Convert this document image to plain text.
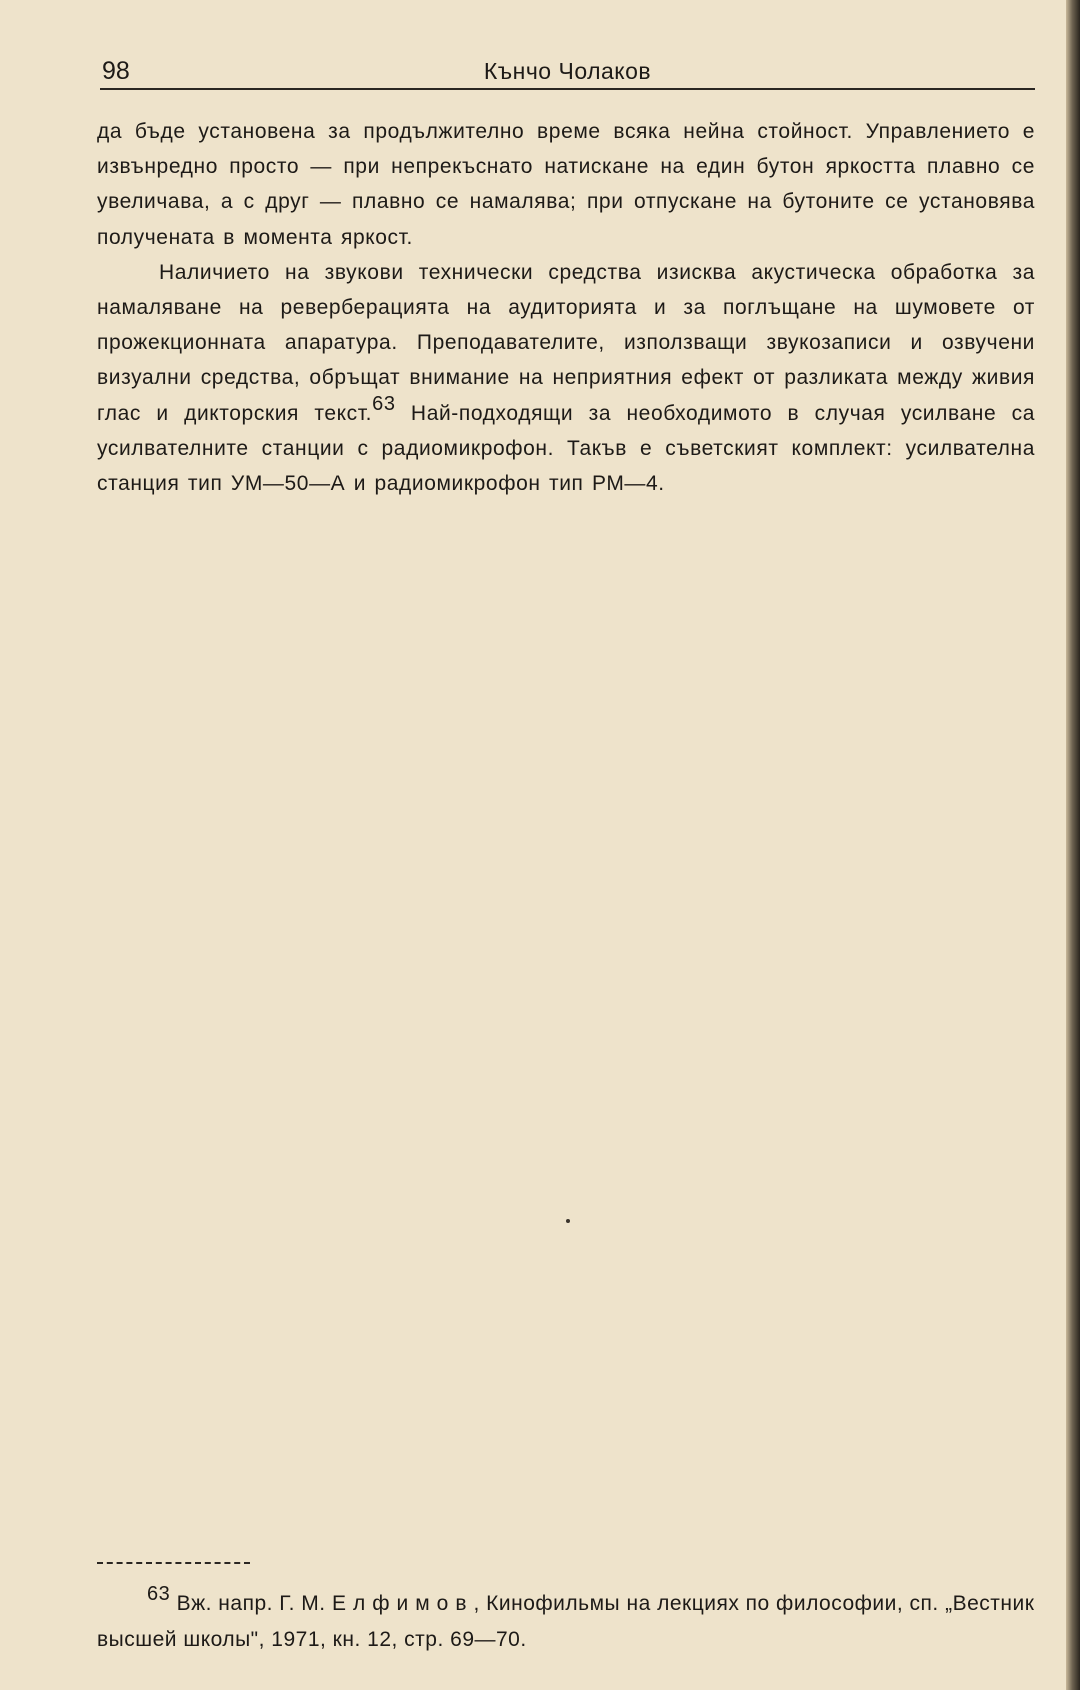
98	Кънчо Чолаков

да бъде установена за продължително време всяка нейна стойност. Управлението е извънредно просто — при непрекъснато натискане на един бутон яркостта плавно се увеличава, а с друг — плавно се намалява; при отпускане на бутоните се установява получената в момента яркост.

Наличието на звукови технически средства изисква акустическа обработка за намаляване на реверберацията на аудиторията и за поглъщане на шумовете от прожекционната апаратура. Преподавателите, използващи звукозаписи и озвучени визуални средства, обръщат внимание на неприятния ефект от разликата между живия глас и дикторския текст.$^{63}$ Най-подходящи за необходимото в случая усилване са усилвателните станции с радиомикрофон. Такъв е съветският комплект: усилвателна станция тип УМ—50—А и радиомикрофон тип РМ—4.

$^{63}$ Вж. напр. Г. М. Елфимов, Кинофильмы на лекциях по философии, сп. „Вестник высшей школы", 1971, кн. 12, стр. 69—70.
